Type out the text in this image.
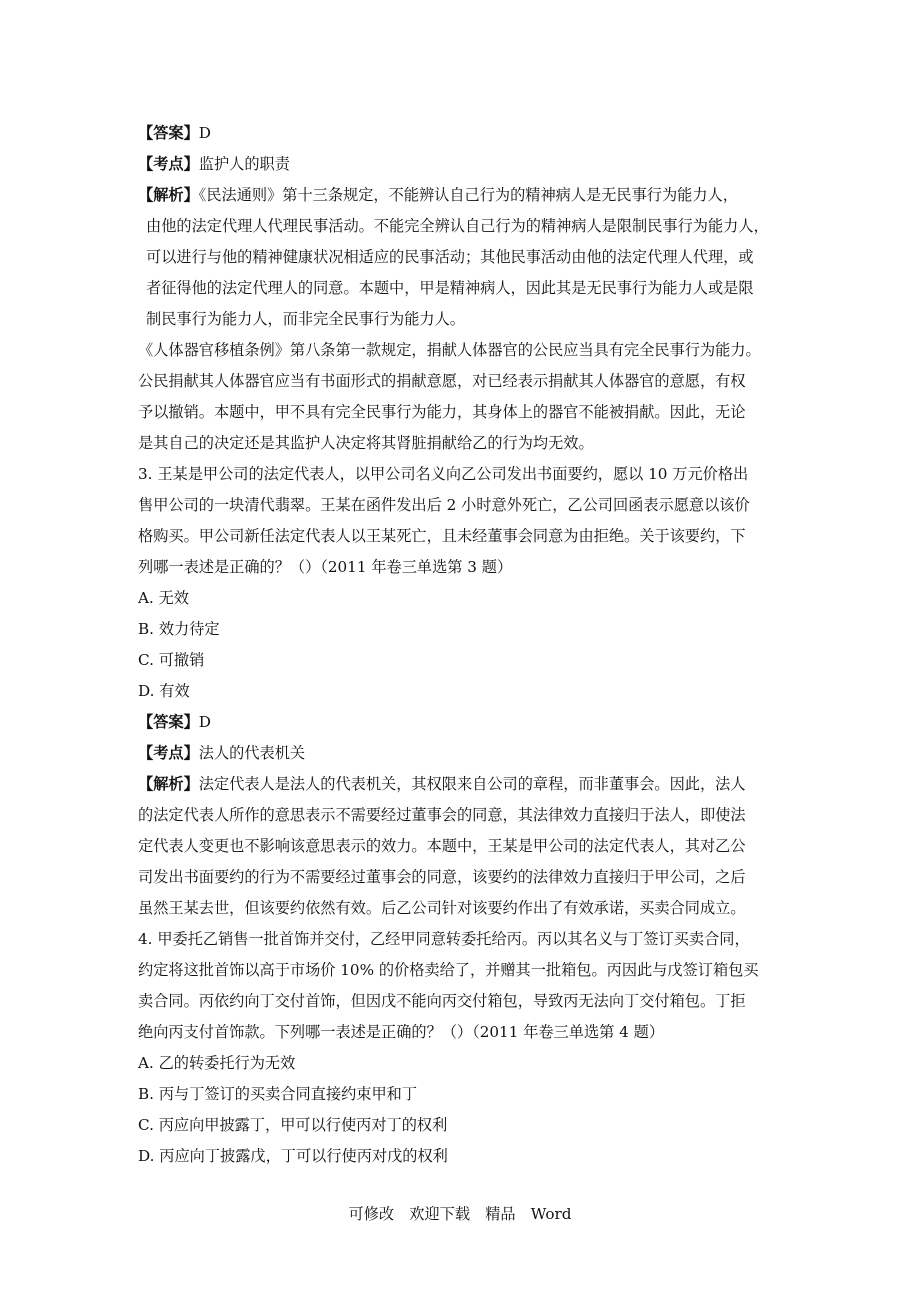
【答案】D
【考点】监护人的职责
【解析】《民法通则》第十三条规定，不能辨认自己行为的精神病人是无民事行为能力人，
由他的法定代理人代理民事活动。不能完全辨认自己行为的精神病人是限制民事行为能力人，
可以进行与他的精神健康状况相适应的民事活动；其他民事活动由他的法定代理人代理，或
者征得他的法定代理人的同意。本题中，甲是精神病人，因此其是无民事行为能力人或是限
制民事行为能力人，而非完全民事行为能力人。
《人体器官移植条例》第八条第一款规定，捐献人体器官的公民应当具有完全民事行为能力。
公民捐献其人体器官应当有书面形式的捐献意愿，对已经表示捐献其人体器官的意愿，有权
予以撤销。本题中，甲不具有完全民事行为能力，其身体上的器官不能被捐献。因此，无论
是其自己的决定还是其监护人决定将其肾脏捐献给乙的行为均无效。
3. 王某是甲公司的法定代表人，以甲公司名义向乙公司发出书面要约，愿以 10 万元价格出
售甲公司的一块清代翡翠。王某在函件发出后 2 小时意外死亡，乙公司回函表示愿意以该价
格购买。甲公司新任法定代表人以王某死亡，且未经董事会同意为由拒绝。关于该要约，下
列哪一表述是正确的？（）（2011 年卷三单选第 3 题）
A. 无效
B. 效力待定
C. 可撤销
D. 有效
【答案】D
【考点】法人的代表机关
【解析】法定代表人是法人的代表机关，其权限来自公司的章程，而非董事会。因此，法人
的法定代表人所作的意思表示不需要经过董事会的同意，其法律效力直接归于法人，即使法
定代表人变更也不影响该意思表示的效力。本题中，王某是甲公司的法定代表人，其对乙公
司发出书面要约的行为不需要经过董事会的同意，该要约的法律效力直接归于甲公司，之后
虽然王某去世，但该要约依然有效。后乙公司针对该要约作出了有效承诺，买卖合同成立。
4. 甲委托乙销售一批首饰并交付，乙经甲同意转委托给丙。丙以其名义与丁签订买卖合同，
约定将这批首饰以高于市场价 10% 的价格卖给了，并赠其一批箱包。丙因此与戊签订箱包买
卖合同。丙依约向丁交付首饰，但因戊不能向丙交付箱包，导致丙无法向丁交付箱包。丁拒
绝向丙支付首饰款。下列哪一表述是正确的？（）（2011 年卷三单选第 4 题）
A. 乙的转委托行为无效
B. 丙与丁签订的买卖合同直接约束甲和丁
C. 丙应向甲披露丁，甲可以行使丙对丁的权利
D. 丙应向丁披露戊，丁可以行使丙对戊的权利
可修改　欢迎下载　精品　Word
